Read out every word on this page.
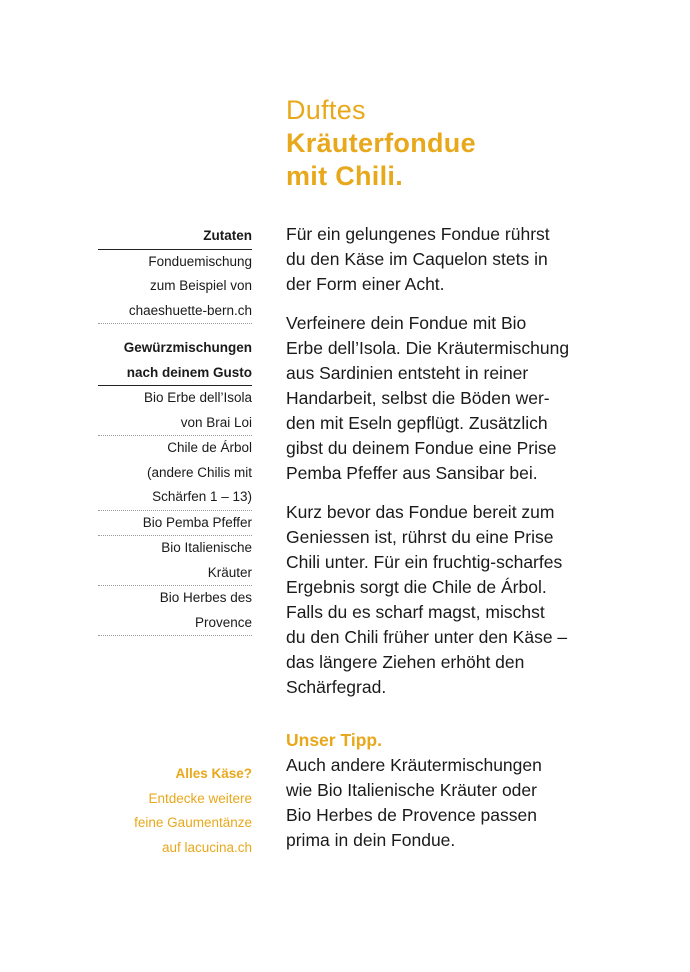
Duftes
Kräuterfondue
mit Chili.
Zutaten
Fonduemischung
zum Beispiel von
chaeshuette-bern.ch
Gewürzmischungen
nach deinem Gusto
Bio Erbe dell’Isola
von Brai Loi
Chile de Árbol
(andere Chilis mit
Schärfen 1 – 13)
Bio Pemba Pfeffer
Bio Italienische
Kräuter
Bio Herbes des
Provence
Alles Käse?
Entdecke weitere
feine Gaumentänze
auf lacucina.ch

Für ein gelungenes Fondue rührst
du den Käse im Caquelon stets in
der Form einer Acht.

Verfeinere dein Fondue mit Bio
Erbe dell’Isola. Die Kräutermischung
aus Sardinien entsteht in reiner
Handarbeit, selbst die Böden wer-
den mit Eseln gepflügt. Zusätzlich
gibst du deinem Fondue eine Prise
Pemba Pfeffer aus Sansibar bei.

Kurz bevor das Fondue bereit zum
Geniessen ist, rührst du eine Prise
Chili unter. Für ein fruchtig-scharfes
Ergebnis sorgt die Chile de Árbol.
Falls du es scharf magst, mischst
du den Chili früher unter den Käse –
das längere Ziehen erhöht den
Schärfegrad.

Unser Tipp.

Auch andere Kräutermischungen
wie Bio Italienische Kräuter oder
Bio Herbes de Provence passen
prima in dein Fondue.
